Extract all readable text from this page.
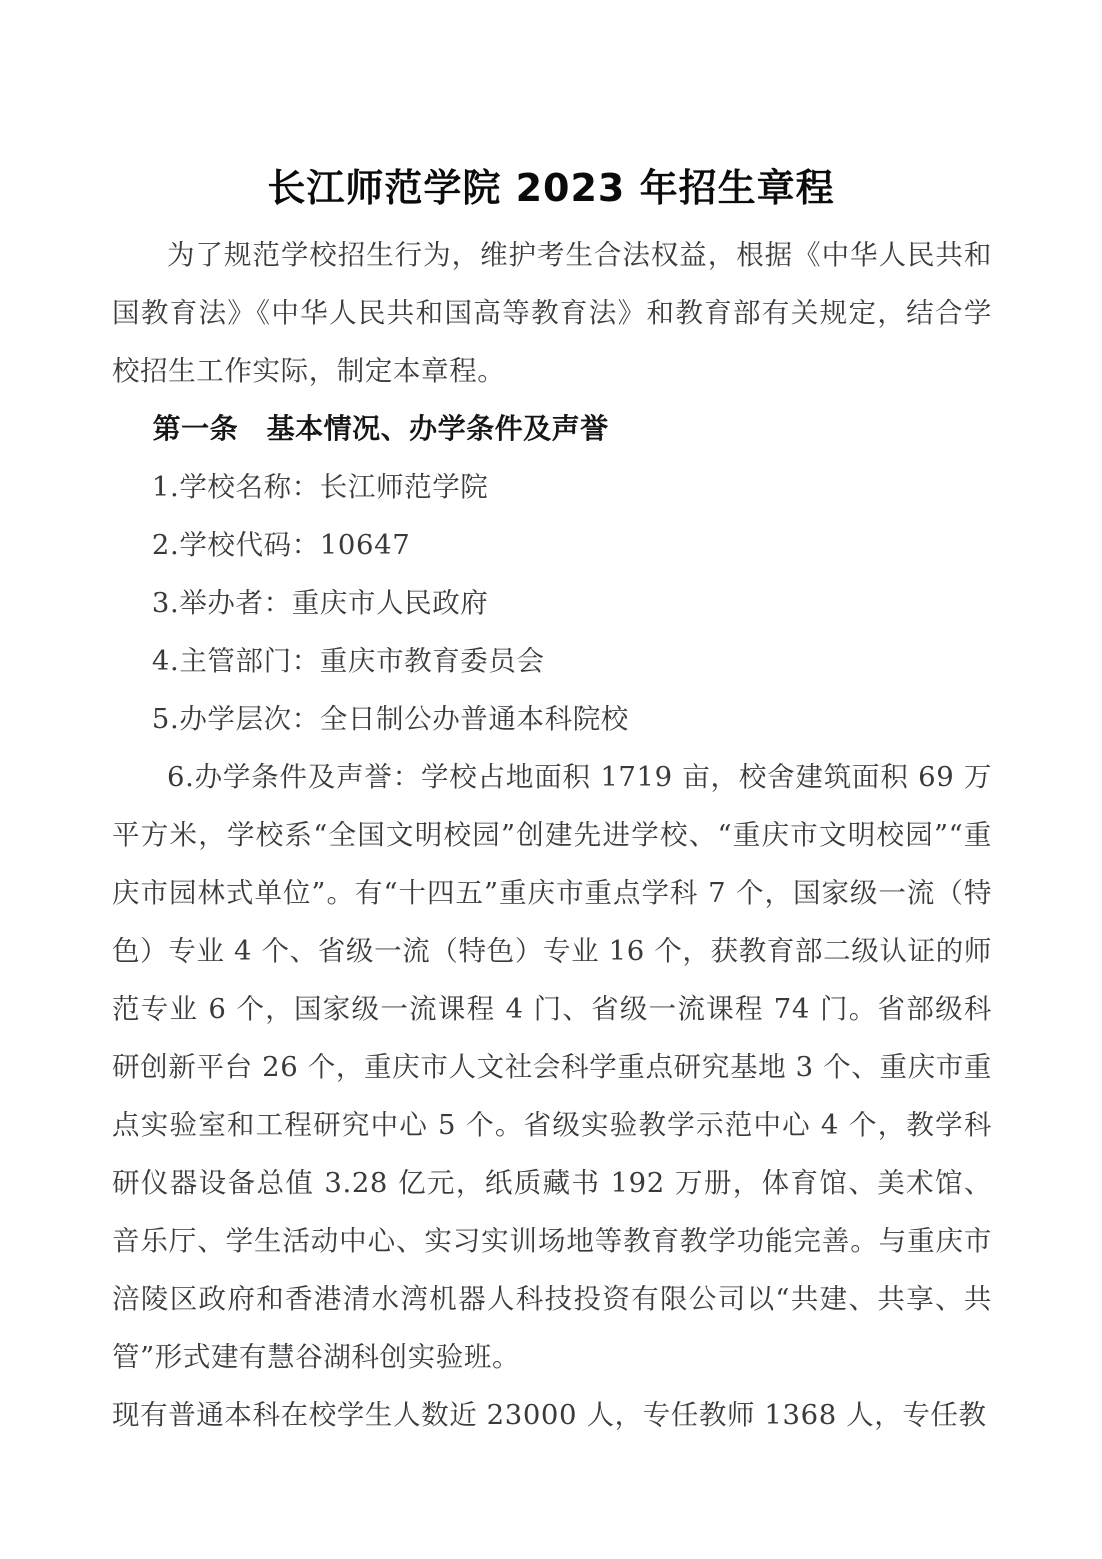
长江师范学院 2023 年招生章程

为了规范学校招生行为，维护考生合法权益，根据《中华人民共和国教育法》《中华人民共和国高等教育法》和教育部有关规定，结合学校招生工作实际，制定本章程。

第一条　基本情况、办学条件及声誉

1.学校名称：长江师范学院

2.学校代码：10647

3.举办者：重庆市人民政府

4.主管部门：重庆市教育委员会

5.办学层次：全日制公办普通本科院校

6.办学条件及声誉：学校占地面积 1719 亩，校舍建筑面积 69 万平方米，学校系“全国文明校园”创建先进学校、“重庆市文明校园”“重庆市园林式单位”。有“十四五”重庆市重点学科 7 个，国家级一流（特色）专业 4 个、省级一流（特色）专业 16 个，获教育部二级认证的师范专业 6 个，国家级一流课程 4 门、省级一流课程 74 门。省部级科研创新平台 26 个，重庆市人文社会科学重点研究基地 3 个、重庆市重点实验室和工程研究中心 5 个。省级实验教学示范中心 4 个，教学科研仪器设备总值 3.28 亿元，纸质藏书 192 万册，体育馆、美术馆、音乐厅、学生活动中心、实习实训场地等教育教学功能完善。与重庆市涪陵区政府和香港清水湾机器人科技投资有限公司以“共建、共享、共管”形式建有慧谷湖科创实验班。

现有普通本科在校学生人数近 23000 人，专任教师 1368 人，专任教
